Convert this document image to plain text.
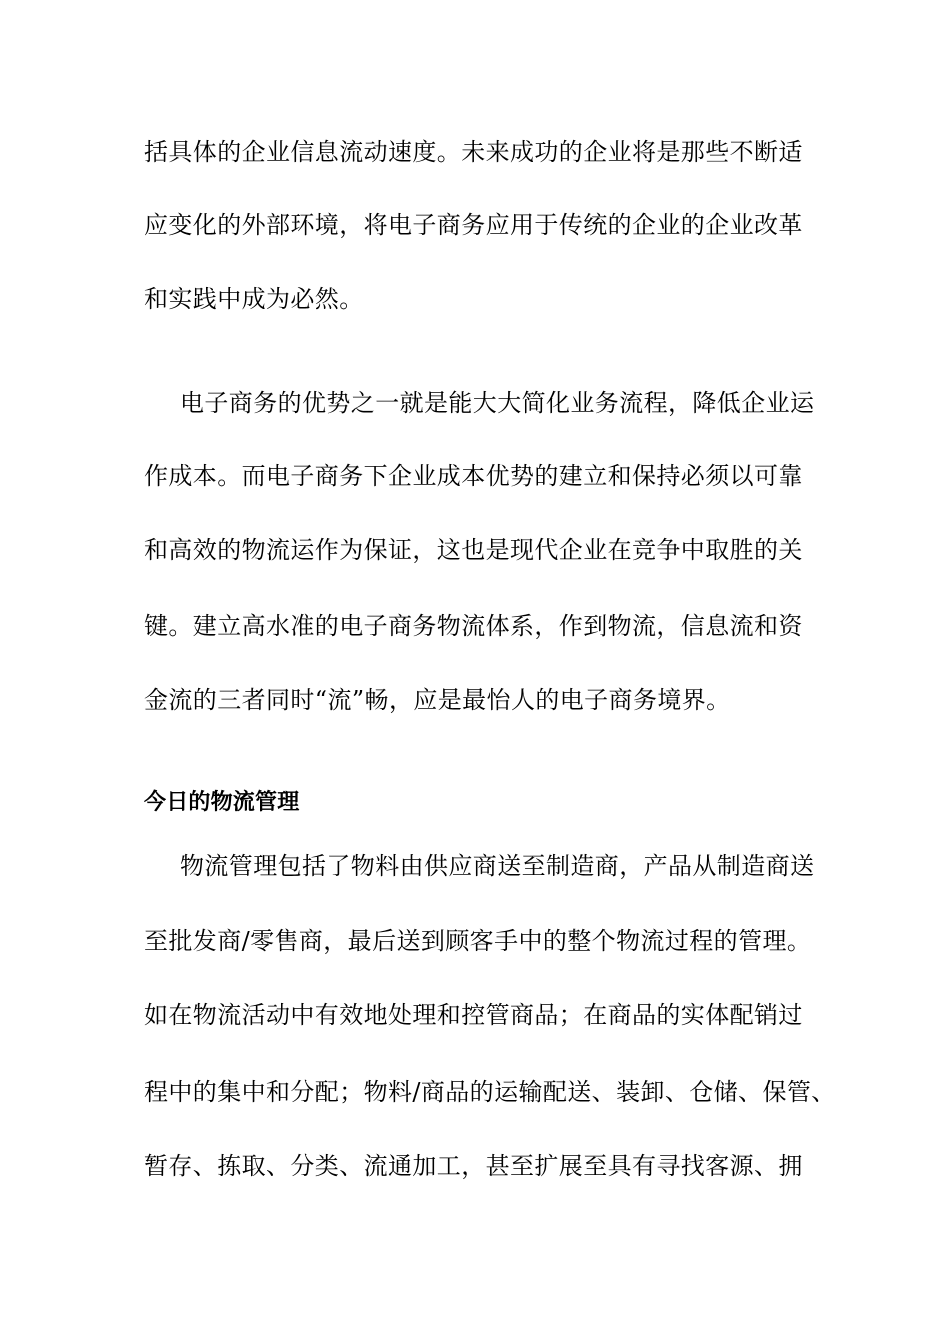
括具体的企业信息流动速度。未来成功的企业将是那些不断适
应变化的外部环境，将电子商务应用于传统的企业的企业改革
和实践中成为必然。
电子商务的优势之一就是能大大简化业务流程，降低企业运
作成本。而电子商务下企业成本优势的建立和保持必须以可靠
和高效的物流运作为保证，这也是现代企业在竞争中取胜的关
键。建立高水准的电子商务物流体系，作到物流，信息流和资
金流的三者同时“流”畅，应是最怡人的电子商务境界。
今日的物流管理
物流管理包括了物料由供应商送至制造商，产品从制造商送
至批发商/零售商，最后送到顾客手中的整个物流过程的管理。
如在物流活动中有效地处理和控管商品；在商品的实体配销过
程中的集中和分配；物料/商品的运输配送、装卸、仓储、保管、
暂存、拣取、分类、流通加工，甚至扩展至具有寻找客源、拥
